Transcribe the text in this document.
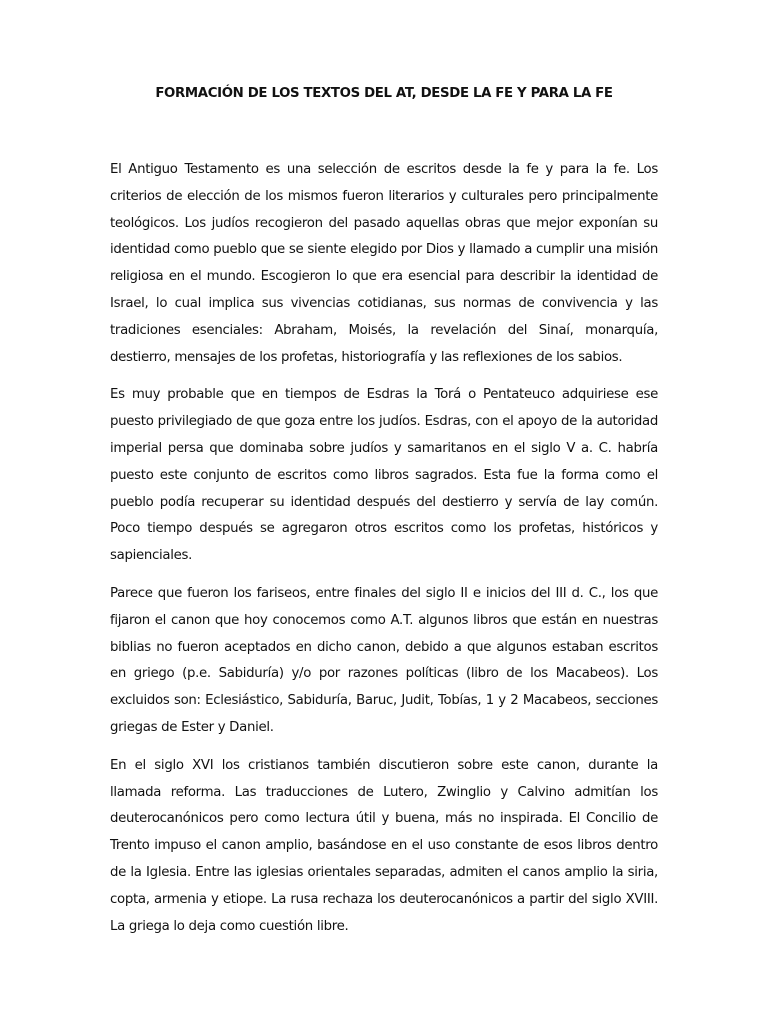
FORMACIÓN DE LOS TEXTOS DEL AT, DESDE LA FE Y PARA LA FE

El Antiguo Testamento es una selección de escritos desde la fe y para la fe. Los criterios de elección de los mismos fueron literarios y culturales pero principalmente teológicos. Los judíos recogieron del pasado aquellas obras que mejor exponían su identidad como pueblo que se siente elegido por Dios y llamado a cumplir una misión religiosa en el mundo. Escogieron lo que era esencial para describir la identidad de Israel, lo cual implica sus vivencias cotidianas, sus normas de convivencia y las tradiciones esenciales: Abraham, Moisés, la revelación del Sinaí, monarquía, destierro, mensajes de los profetas, historiografía y las reflexiones de los sabios.

Es muy probable que en tiempos de Esdras la Torá o Pentateuco adquiriese ese puesto privilegiado de que goza entre los judíos. Esdras, con el apoyo de la autoridad imperial persa que dominaba sobre judíos y samaritanos en el siglo V a. C. habría puesto este conjunto de escritos como libros sagrados. Esta fue la forma como el pueblo podía recuperar su identidad después del destierro y servía de lay común. Poco tiempo después se agregaron otros escritos como los profetas, históricos y sapienciales.

Parece que fueron los fariseos, entre finales del siglo II e inicios del III d. C., los que fijaron el canon que hoy conocemos como A.T. algunos libros que están en nuestras biblias no fueron aceptados en dicho canon, debido a que algunos estaban escritos en griego (p.e. Sabiduría) y/o por razones políticas (libro de los Macabeos). Los excluidos son: Eclesiástico, Sabiduría, Baruc, Judit, Tobías, 1 y 2 Macabeos, secciones griegas de Ester y Daniel.

En el siglo XVI los cristianos también discutieron sobre este canon, durante la llamada reforma. Las traducciones de Lutero, Zwinglio y Calvino admitían los deuterocanónicos pero como lectura útil y buena, más no inspirada. El Concilio de Trento impuso el canon amplio, basándose en el uso constante de esos libros dentro de la Iglesia. Entre las iglesias orientales separadas, admiten el canos amplio la siria, copta, armenia y etiope. La rusa rechaza los deuterocanónicos a partir del siglo XVIII. La griega lo deja como cuestión libre.
